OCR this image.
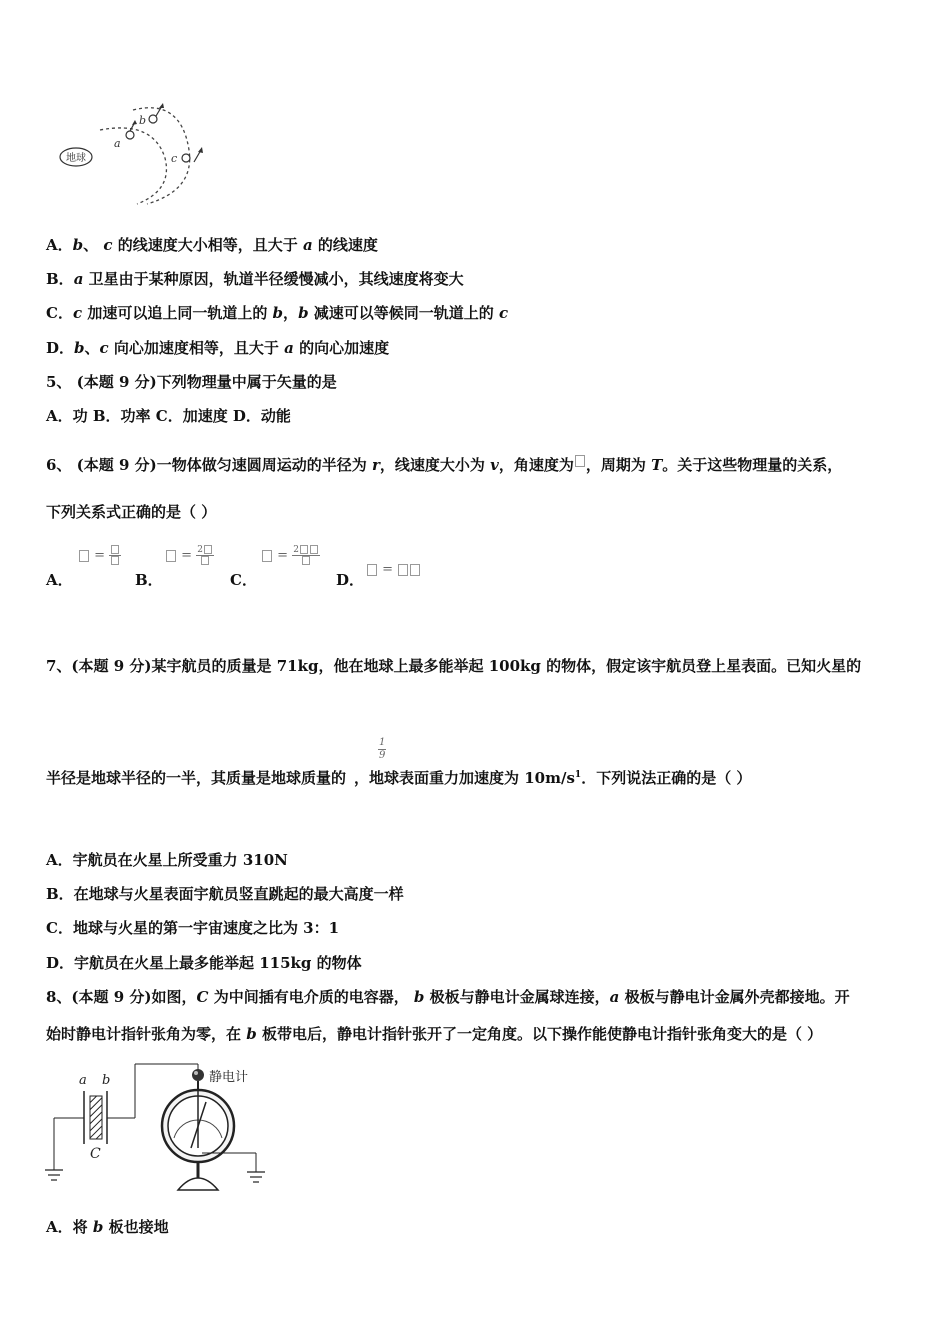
地球
a
b
c
A．b、 c 的线速度大小相等，且大于 a 的线速度
B．a 卫星由于某种原因，轨道半径缓慢减小，其线速度将变大
C．c 加速可以追上同一轨道上的 b，b 减速可以等候同一轨道上的 c
D．b、c 向心加速度相等，且大于 a 的向心加速度
5、 (本题 9 分)下列物理量中属于矢量的是
A．功 B．功率 C．加速度 D．动能
6、 (本题 9 分)一物体做匀速圆周运动的半径为 r，线速度大小为 v，角速度为 ，周期为 T。关于这些物理量的关系，
下列关系式正确的是（ ）
A．
=
B．
= 2
C．
= 2
D．
=
7、(本题 9 分)某宇航员的质量是 71kg，他在地球上最多能举起 100kg 的物体，假定该宇航员登上星表面。已知火星的
$\frac{1}{9}$
半径是地球半径的一半，其质量是地球质量的 ，地球表面重力加速度为 $10m/s^1$．下列说法正确的是（ ）
A．宇航员在火星上所受重力 310N
B．在地球与火星表面宇航员竖直跳起的最大高度一样
C．地球与火星的第一宇宙速度之比为 3：1
D．宇航员在火星上最多能举起 115kg 的物体
8、(本题 9 分)如图，C 为中间插有电介质的电容器， b 极板与静电计金属球连接，a 极板与静电计金属外壳都接地。开
始时静电计指针张角为零，在 b 板带电后，静电计指针张开了一定角度。以下操作能使静电计指针张角变大的是（ ）
a b
C
静电计
A．将 b 板也接地
